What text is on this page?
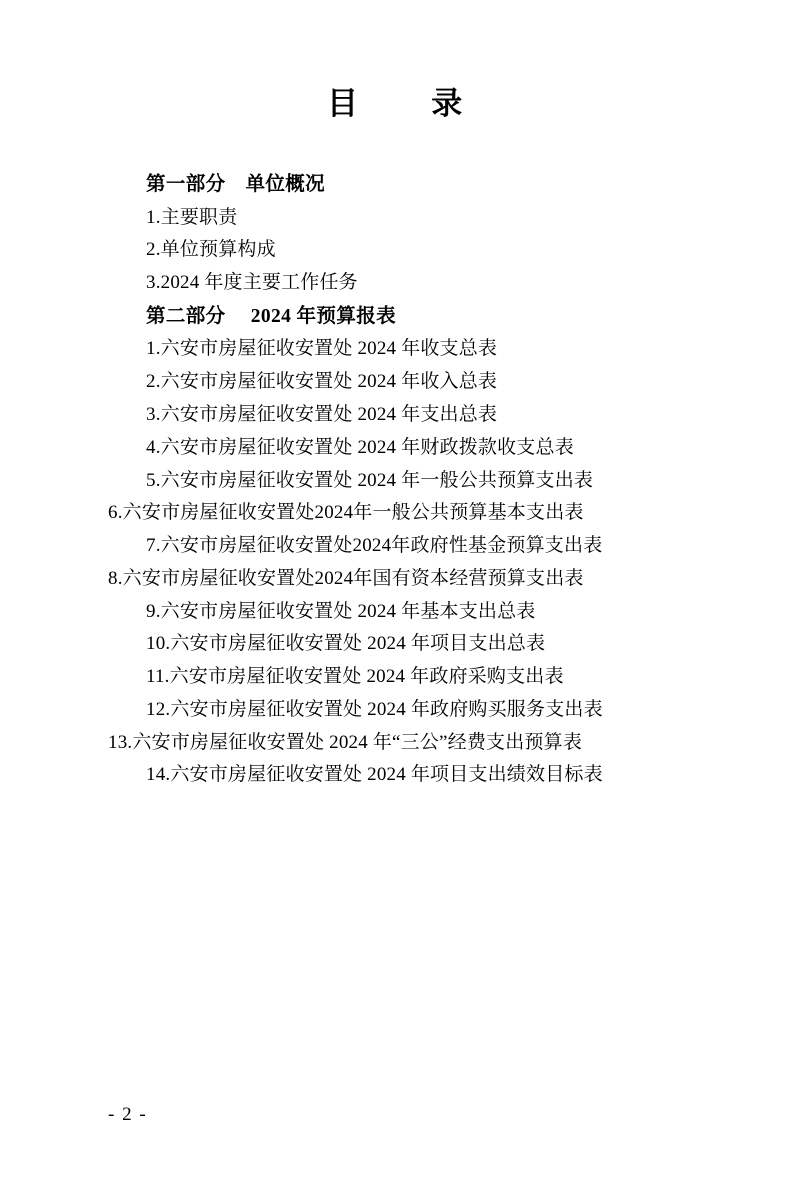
目　　录
第一部分　单位概况
1.主要职责
2.单位预算构成
3.2024 年度主要工作任务
第二部分　 2024 年预算报表
1.六安市房屋征收安置处 2024 年收支总表
2.六安市房屋征收安置处 2024 年收入总表
3.六安市房屋征收安置处 2024 年支出总表
4.六安市房屋征收安置处 2024 年财政拨款收支总表
5.六安市房屋征收安置处 2024 年一般公共预算支出表
6.六安市房屋征收安置处2024年一般公共预算基本支出表
7.六安市房屋征收安置处2024年政府性基金预算支出表
8.六安市房屋征收安置处2024年国有资本经营预算支出表
9.六安市房屋征收安置处 2024 年基本支出总表
10.六安市房屋征收安置处 2024 年项目支出总表
11.六安市房屋征收安置处 2024 年政府采购支出表
12.六安市房屋征收安置处 2024 年政府购买服务支出表
13.六安市房屋征收安置处 2024 年“三公”经费支出预算表
14.六安市房屋征收安置处 2024 年项目支出绩效目标表
- 2 -
